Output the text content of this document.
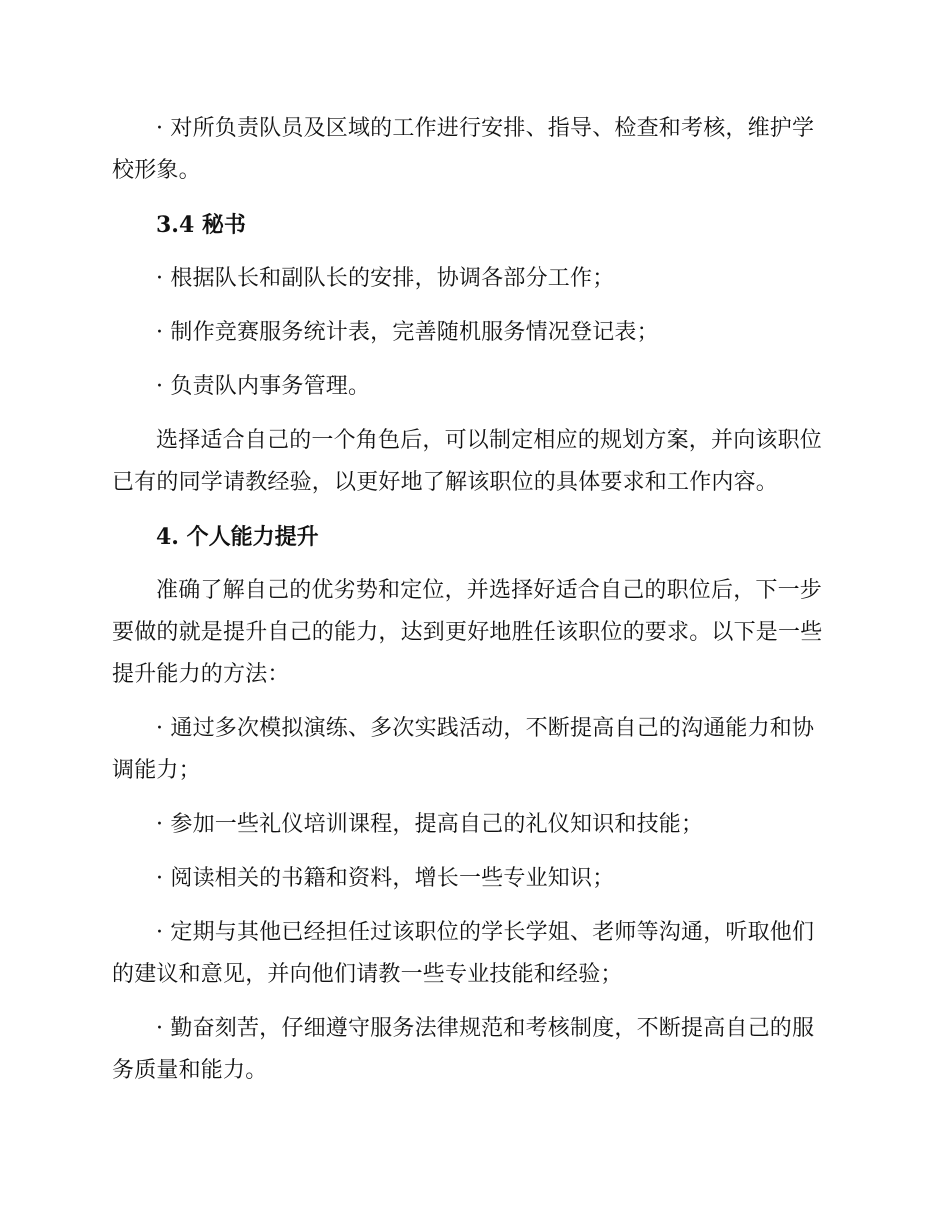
· 对所负责队员及区域的工作进行安排、指导、检查和考核，维护学校形象。

3.4 秘书

· 根据队长和副队长的安排，协调各部分工作；

· 制作竞赛服务统计表，完善随机服务情况登记表；

· 负责队内事务管理。

选择适合自己的一个角色后，可以制定相应的规划方案，并向该职位已有的同学请教经验，以更好地了解该职位的具体要求和工作内容。

4. 个人能力提升

准确了解自己的优劣势和定位，并选择好适合自己的职位后，下一步要做的就是提升自己的能力，达到更好地胜任该职位的要求。以下是一些提升能力的方法：

· 通过多次模拟演练、多次实践活动，不断提高自己的沟通能力和协调能力；

· 参加一些礼仪培训课程，提高自己的礼仪知识和技能；

· 阅读相关的书籍和资料，增长一些专业知识；

· 定期与其他已经担任过该职位的学长学姐、老师等沟通，听取他们的建议和意见，并向他们请教一些专业技能和经验；

· 勤奋刻苦，仔细遵守服务法律规范和考核制度，不断提高自己的服务质量和能力。
